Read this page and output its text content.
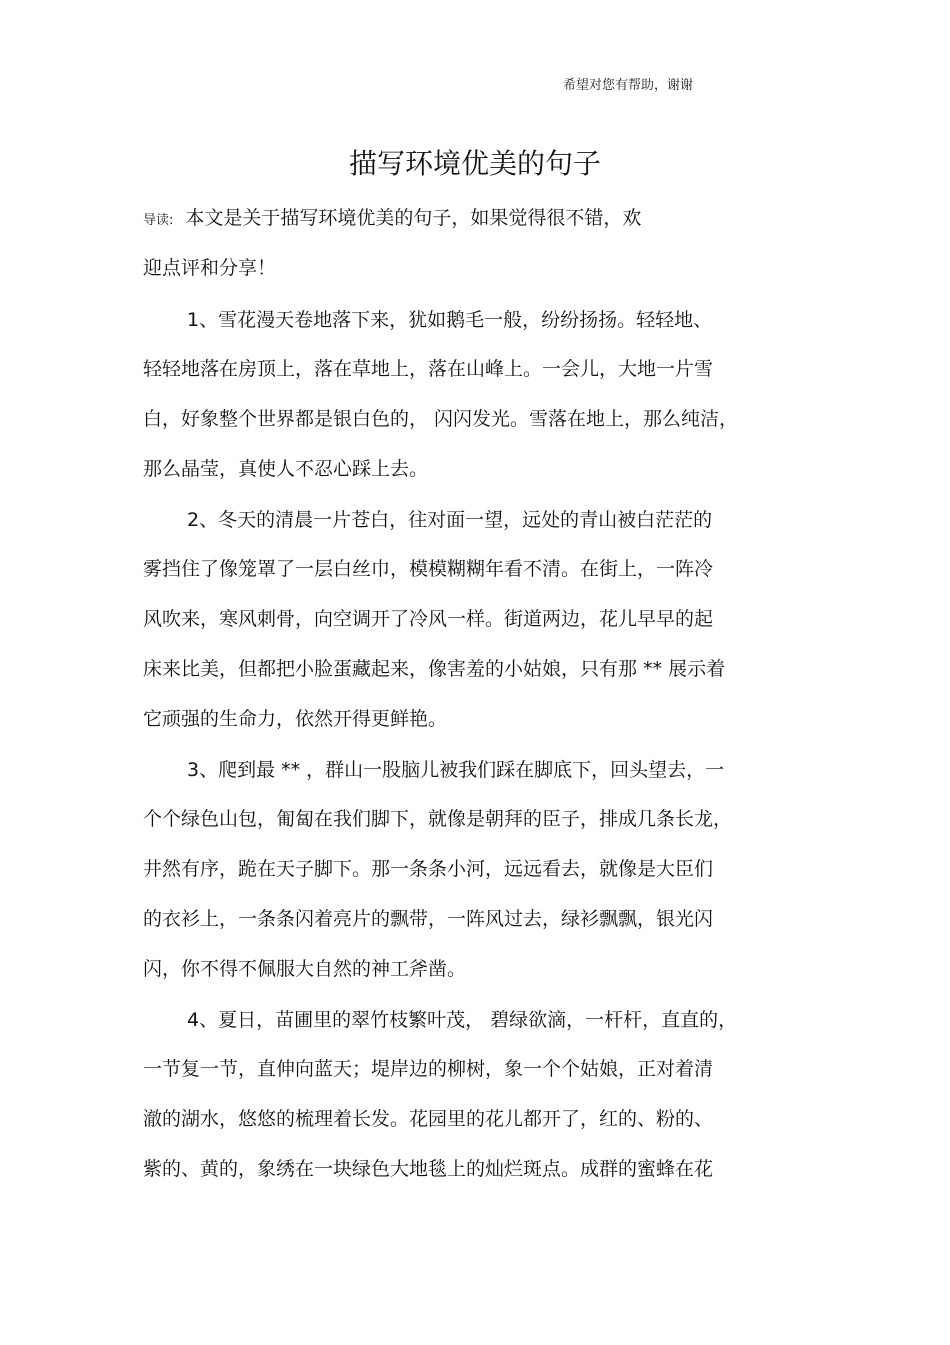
希望对您有帮助，谢谢
描写环境优美的句子
导读: 本文是关于描写环境优美的句子，如果觉得很不错，欢
迎点评和分享！
1、雪花漫天卷地落下来，犹如鹅毛一般，纷纷扬扬。轻轻地、
轻轻地落在房顶上，落在草地上，落在山峰上。一会儿，大地一片雪
白，好象整个世界都是银白色的， 闪闪发光。雪落在地上，那么纯洁，
那么晶莹，真使人不忍心踩上去。
2、冬天的清晨一片苍白，往对面一望，远处的青山被白茫茫的
雾挡住了像笼罩了一层白丝巾，模模糊糊年看不清。在街上，一阵冷
风吹来，寒风刺骨，向空调开了冷风一样。街道两边，花儿早早的起
床来比美，但都把小脸蛋藏起来，像害羞的小姑娘，只有那 ** 展示着
它顽强的生命力，依然开得更鲜艳。
3、爬到最 ** ，群山一股脑儿被我们踩在脚底下，回头望去，一
个个绿色山包，匍匐在我们脚下，就像是朝拜的臣子，排成几条长龙，
井然有序，跪在天子脚下。那一条条小河，远远看去，就像是大臣们
的衣衫上，一条条闪着亮片的飘带，一阵风过去，绿衫飘飘，银光闪
闪，你不得不佩服大自然的神工斧凿。
4、夏日，苗圃里的翠竹枝繁叶茂， 碧绿欲滴，一杆杆，直直的，
一节复一节，直伸向蓝天；堤岸边的柳树，象一个个姑娘，正对着清
澈的湖水，悠悠的梳理着长发。花园里的花儿都开了，红的、粉的、
紫的、黄的，象绣在一块绿色大地毯上的灿烂斑点。成群的蜜蜂在花
